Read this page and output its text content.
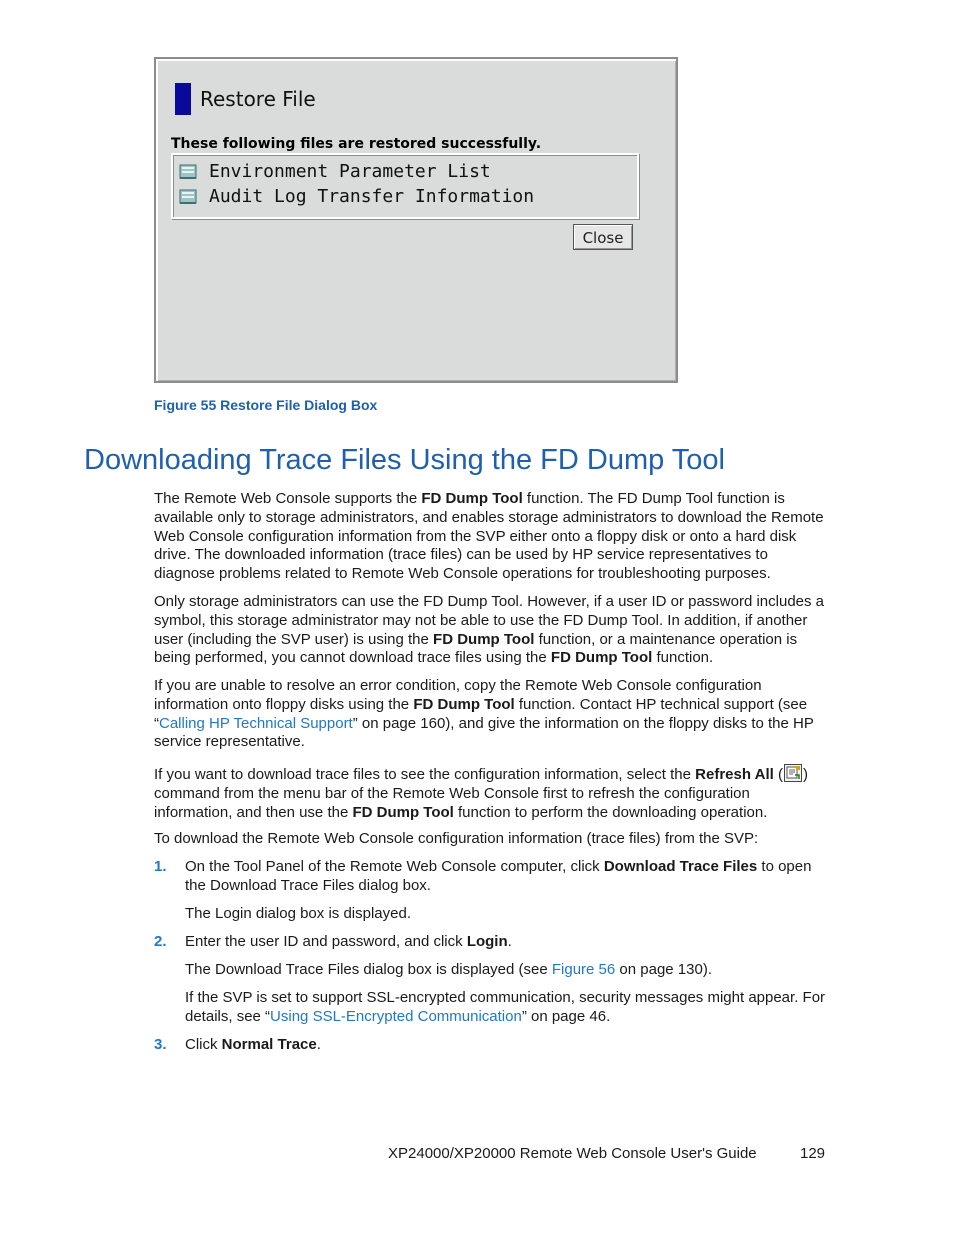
Restore File
These following files are restored successfully.
Environment Parameter List
Audit Log Transfer Information
Close
Figure 55 Restore File Dialog Box
Downloading Trace Files Using the FD Dump Tool

The Remote Web Console supports the FD Dump Tool function. The FD Dump Tool function is available only to storage administrators, and enables storage administrators to download the Remote Web Console configuration information from the SVP either onto a floppy disk or onto a hard disk drive. The downloaded information (trace files) can be used by HP service representatives to diagnose problems related to Remote Web Console operations for troubleshooting purposes.

Only storage administrators can use the FD Dump Tool. However, if a user ID or password includes a symbol, this storage administrator may not be able to use the FD Dump Tool. In addition, if another user (including the SVP user) is using the FD Dump Tool function, or a maintenance operation is being performed, you cannot download trace files using the FD Dump Tool function.

If you are unable to resolve an error condition, copy the Remote Web Console configuration information onto floppy disks using the FD Dump Tool function. Contact HP technical support (see “Calling HP Technical Support” on page 160), and give the information on the floppy disks to the HP service representative.

If you want to download trace files to see the configuration information, select the Refresh All ( ) command from the menu bar of the Remote Web Console first to refresh the configuration information, and then use the FD Dump Tool function to perform the downloading operation.

To download the Remote Web Console configuration information (trace files) from the SVP:

1. On the Tool Panel of the Remote Web Console computer, click Download Trace Files to open the Download Trace Files dialog box.

The Login dialog box is displayed.

2. Enter the user ID and password, and click Login.

The Download Trace Files dialog box is displayed (see Figure 56 on page 130).

If the SVP is set to support SSL-encrypted communication, security messages might appear. For details, see “Using SSL-Encrypted Communication” on page 46.

3. Click Normal Trace.

XP24000/XP20000 Remote Web Console User's Guide	129
